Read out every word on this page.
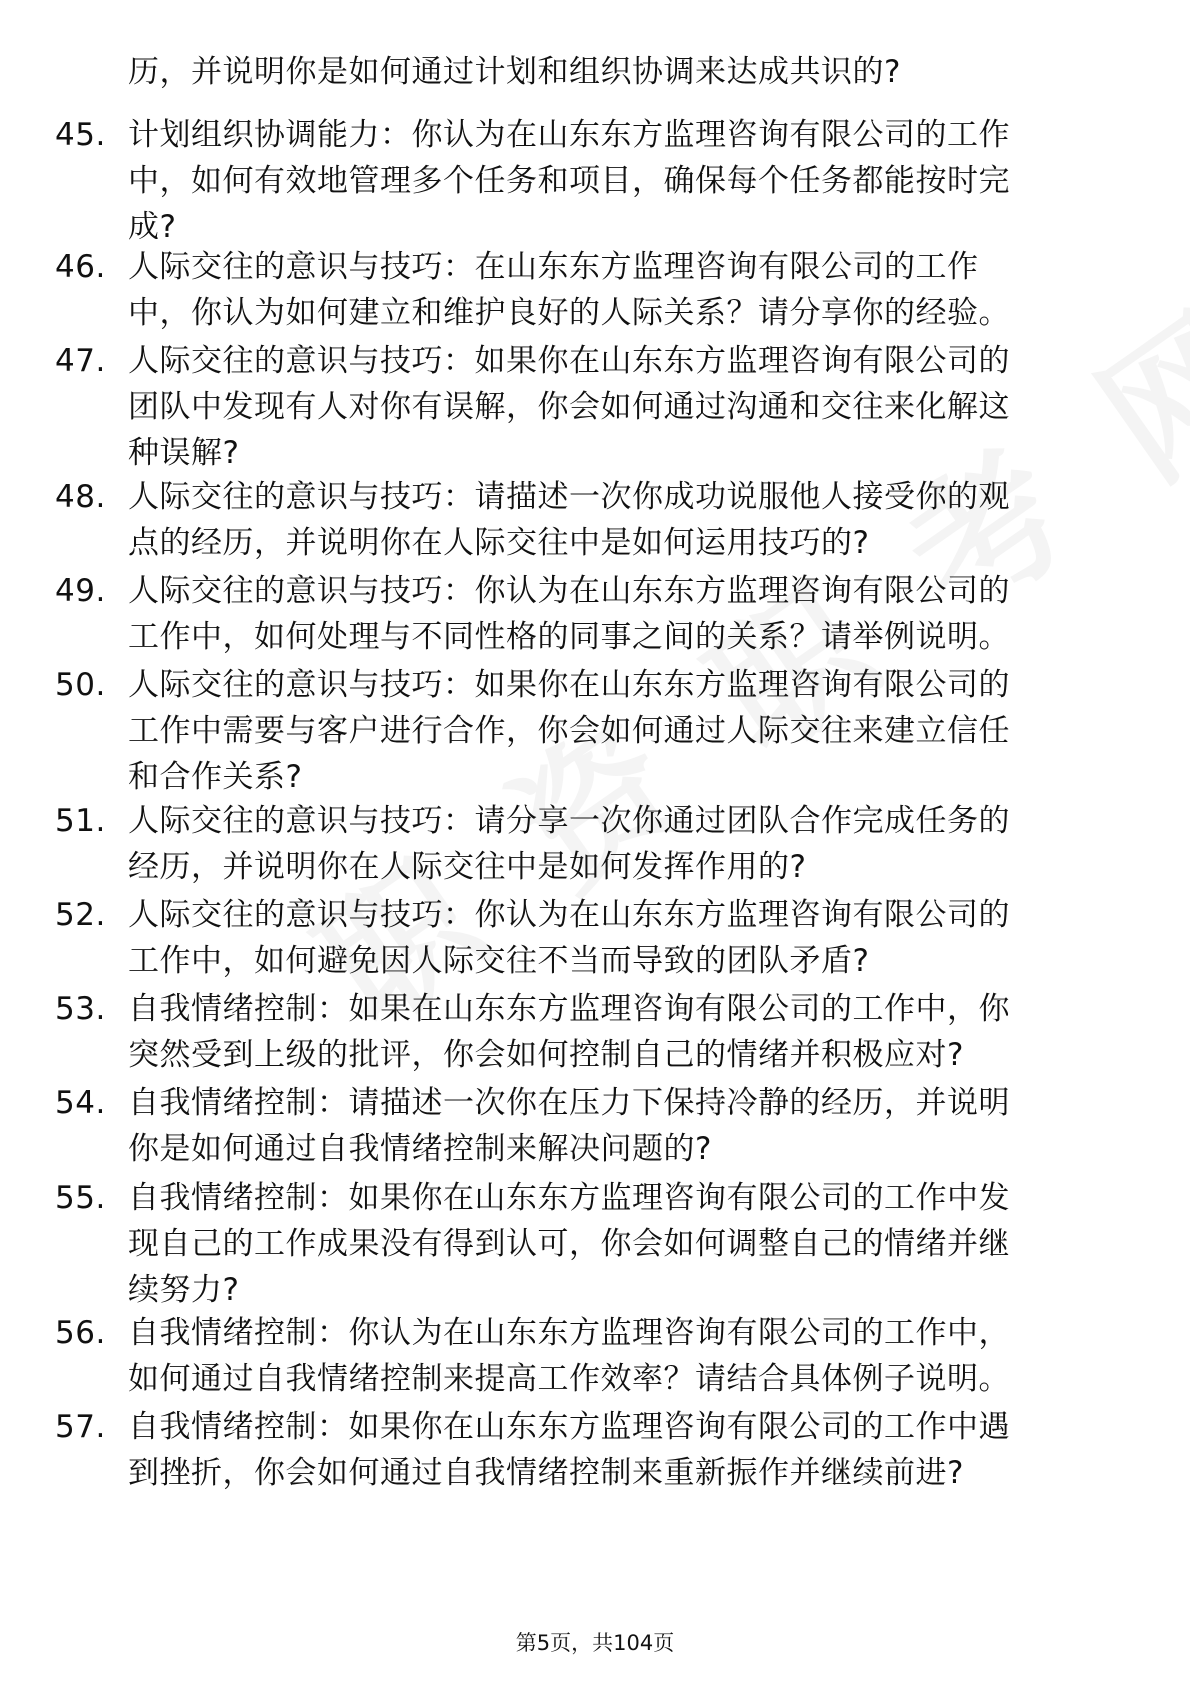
历，并说明你是如何通过计划和组织协调来达成共识的?
45. 计划组织协调能力：你认为在山东东方监理咨询有限公司的工作
中，如何有效地管理多个任务和项目，确保每个任务都能按时完
成?
46. 人际交往的意识与技巧：在山东东方监理咨询有限公司的工作
中，你认为如何建立和维护良好的人际关系？请分享你的经验。
47. 人际交往的意识与技巧：如果你在山东东方监理咨询有限公司的
团队中发现有人对你有误解，你会如何通过沟通和交往来化解这
种误解?
48. 人际交往的意识与技巧：请描述一次你成功说服他人接受你的观
点的经历，并说明你在人际交往中是如何运用技巧的?
49. 人际交往的意识与技巧：你认为在山东东方监理咨询有限公司的
工作中，如何处理与不同性格的同事之间的关系？请举例说明。
50. 人际交往的意识与技巧：如果你在山东东方监理咨询有限公司的
工作中需要与客户进行合作，你会如何通过人际交往来建立信任
和合作关系?
51. 人际交往的意识与技巧：请分享一次你通过团队合作完成任务的
经历，并说明你在人际交往中是如何发挥作用的?
52. 人际交往的意识与技巧：你认为在山东东方监理咨询有限公司的
工作中，如何避免因人际交往不当而导致的团队矛盾?
53. 自我情绪控制：如果在山东东方监理咨询有限公司的工作中，你
突然受到上级的批评，你会如何控制自己的情绪并积极应对?
54. 自我情绪控制：请描述一次你在压力下保持冷静的经历，并说明
你是如何通过自我情绪控制来解决问题的?
55. 自我情绪控制：如果你在山东东方监理咨询有限公司的工作中发
现自己的工作成果没有得到认可，你会如何调整自己的情绪并继
续努力?
56. 自我情绪控制：你认为在山东东方监理咨询有限公司的工作中，
如何通过自我情绪控制来提高工作效率？请结合具体例子说明。
57. 自我情绪控制：如果你在山东东方监理咨询有限公司的工作中遇
到挫折，你会如何通过自我情绪控制来重新振作并继续前进?
第5页，共104页
